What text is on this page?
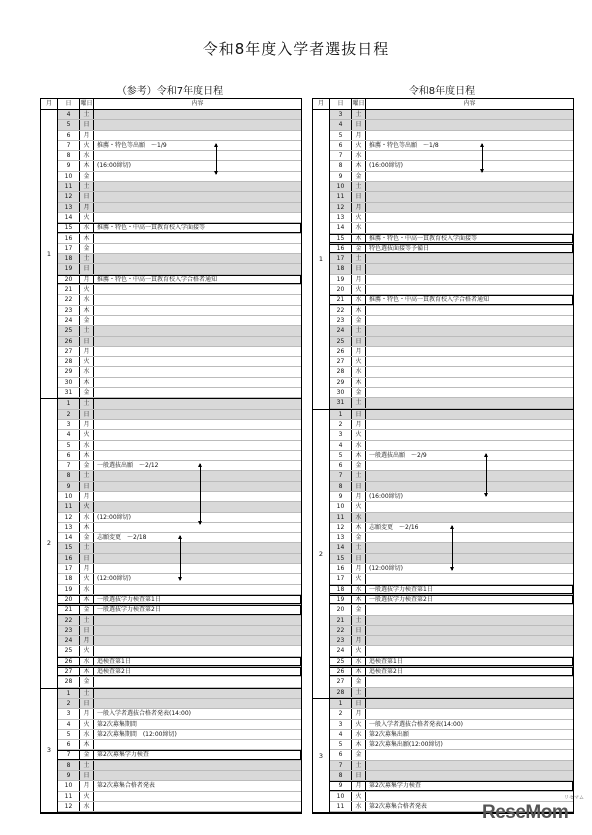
令和8年度入学者選抜日程
（参考）令和7年度日程	令和8年度日程
月	日	曜日	内容
1
4	土
5	日
6	月
7	火	推薦・特色等出願　～1/9
8	水
9	木	(16:00締切)
10	金
11	土
12	日
13	月
14	火
15	水	推薦・特色・中高一貫教育校入学面接等
16	木
17	金
18	土
19	日
20	月	推薦・特色・中高一貫教育校入学合格者通知
21	火
22	水
23	木
24	金
25	土
26	日
27	月
28	火
29	水
30	木
31	金
2
1	土
2	日
3	月
4	火
5	水
6	木
7	金	一般選抜出願　～2/12
8	土
9	日
10	月
11	火
12	水	(12:00締切)
13	木
14	金	志願変更　～2/18
15	土
16	日
17	月
18	火	(12:00締切)
19	水
20	木	一般選抜学力検査第1日
21	金	一般選抜学力検査第2日
22	土
23	日
24	月
25	火
26	水	追検査第1日
27	木	追検査第2日
28	金
3
1	土
2	日
3	月	一般入学者選抜合格者発表(14:00)
4	火	第2次募集期間
5	水	第2次募集期間　(12:00締切)
6	木
7	金	第2次募集学力検査
8	土
9	日
10	月	第2次募集合格者発表
11	火
12	水
月	日	曜日	内容
1
3	土
4	日
5	月
6	火	推薦・特色等出願　～1/8
7	水
8	木	(16:00締切)
9	金
10	土
11	日
12	月
13	火
14	水
15	木	推薦・特色・中高一貫教育校入学面接等
16	金	特色選抜面接等予備日
17	土
18	日
19	月
20	火
21	水	推薦・特色・中高一貫教育校入学合格者通知
22	木
23	金
24	土
25	日
26	月
27	火
28	水
29	木
30	金
31	土
2
1	日
2	月
3	火
4	水
5	木	一般選抜出願　～2/9
6	金
7	土
8	日
9	月	(16:00締切)
10	火
11	水
12	木	志願変更　～2/16
13	金
14	土
15	日
16	月	(12:00締切)
17	火
18	水	一般選抜学力検査第1日
19	木	一般選抜学力検査第2日
20	金
21	土
22	日
23	月
24	火
25	水	追検査第1日
26	木	追検査第2日
27	金
28	土
3
1	日
2	月
3	火	一般入学者選抜合格者発表(14:00)
4	水	第2次募集出願
5	木	第2次募集出願(12:00締切)
6	金
7	土
8	日
9	月	第2次募集学力検査
10	火
11	水	第2次募集合格者発表
リセマム
ReseMom
